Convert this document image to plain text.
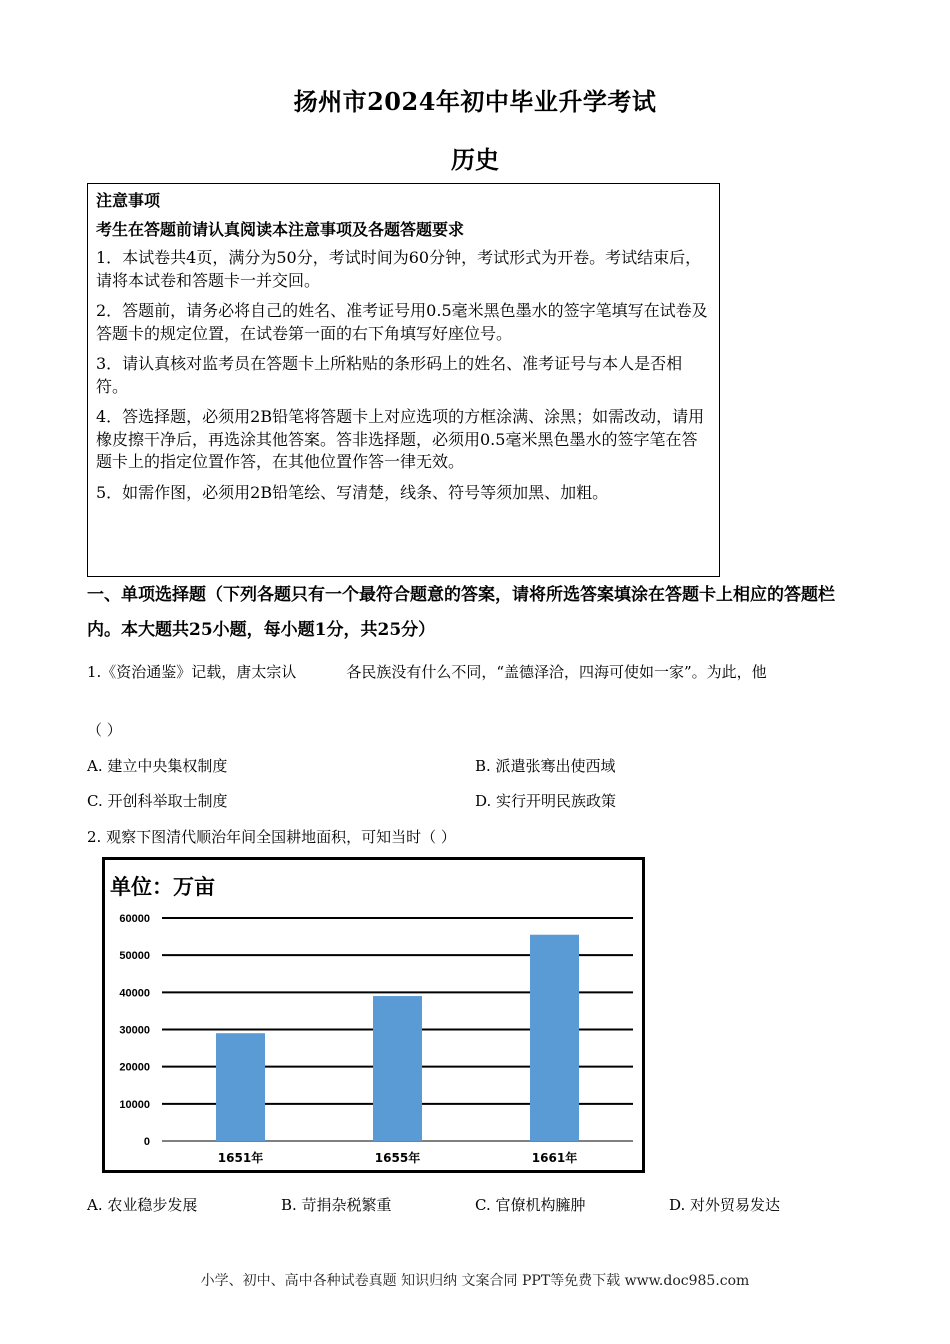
扬州市2024年初中毕业升学考试
历史

注意事项

考生在答题前请认真阅读本注意事项及各题答题要求

1．本试卷共4页，满分为50分，考试时间为60分钟，考试形式为开卷。考试结束后，请将本试卷和答题卡一并交回。

2．答题前，请务必将自己的姓名、准考证号用0.5毫米黑色墨水的签字笔填写在试卷及答题卡的规定位置，在试卷第一面的右下角填写好座位号。

3．请认真核对监考员在答题卡上所粘贴的条形码上的姓名、准考证号与本人是否相符。

4．答选择题，必须用2B铅笔将答题卡上对应选项的方框涂满、涂黑；如需改动，请用橡皮擦干净后，再选涂其他答案。答非选择题，必须用0.5毫米黑色墨水的签字笔在答题卡上的指定位置作答，在其他位置作答一律无效。

5．如需作图，必须用2B铅笔绘、写清楚，线条、符号等须加黑、加粗。

一、单项选择题（下列各题只有一个最符合题意的答案，请将所选答案填涂在答题卡上相应的答题栏内。本大题共25小题，每小题1分，共25分）
1.《资治通鉴》记载，唐太宗认	各民族没有什么不同，“盖德泽洽，四海可使如一家”。为此，他
（ ）
A. 建立中央集权制度	B. 派遣张骞出使西域
C. 开创科举取士制度	D. 实行开明民族政策
2. 观察下图清代顺治年间全国耕地面积，可知当时（ ）
单位：万亩
0
10000
20000
30000
40000
50000
60000
1651年	1655年	1661年
A. 农业稳步发展	B. 苛捐杂税繁重	C. 官僚机构臃肿	D. 对外贸易发达
小学、初中、高中各种试卷真题 知识归纳 文案合同 PPT等免费下载 www.doc985.com
